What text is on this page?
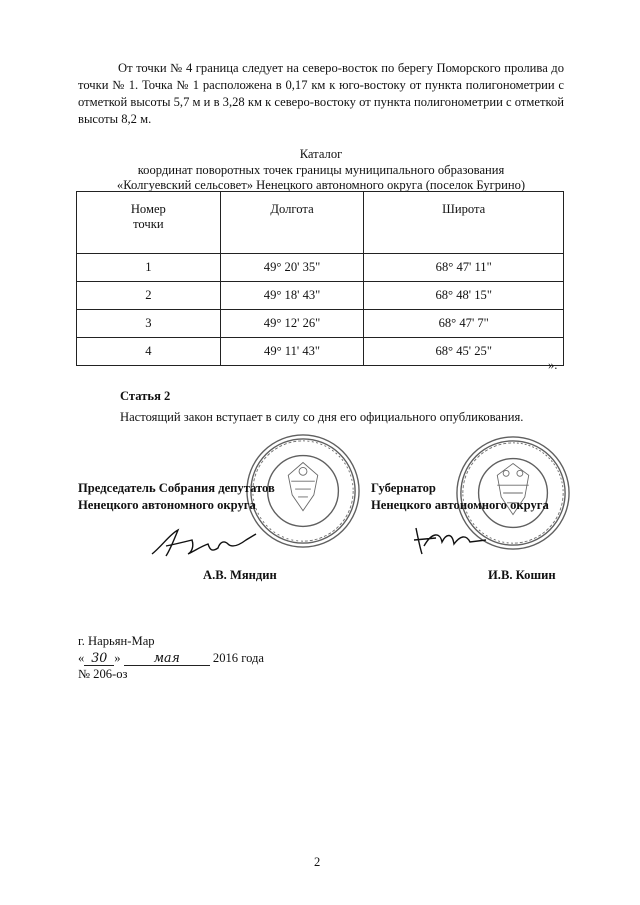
От точки № 4 граница следует на северо-восток по берегу Поморского пролива до точки № 1. Точка № 1 расположена в 0,17 км к юго-востоку от пункта полигонометрии с отметкой высоты 5,7 м и в 3,28 км к северо-востоку от пункта полигонометрии с отметкой высоты 8,2 м.
Каталог
координат поворотных точек границы муниципального образования
«Колгуевский сельсовет» Ненецкого автономного округа (поселок Бугрино)
Номер
точки	Долгота	Широта
1	49° 20' 35"	68° 47' 11"
2	49° 18' 43"	68° 48' 15"
3	49° 12' 26"	68° 47' 7"
4	49° 11' 43"	68° 45' 25"
».
Статья 2
Настоящий закон вступает в силу со дня его официального опубликования.
Председатель Собрания депутатов
Ненецкого автономного округа
Губернатор
Ненецкого автономного округа
А.В. Мяндин	И.В. Кошин
г. Нарьян-Мар
« 30 »	мая	2016 года
№ 206-оз
2
